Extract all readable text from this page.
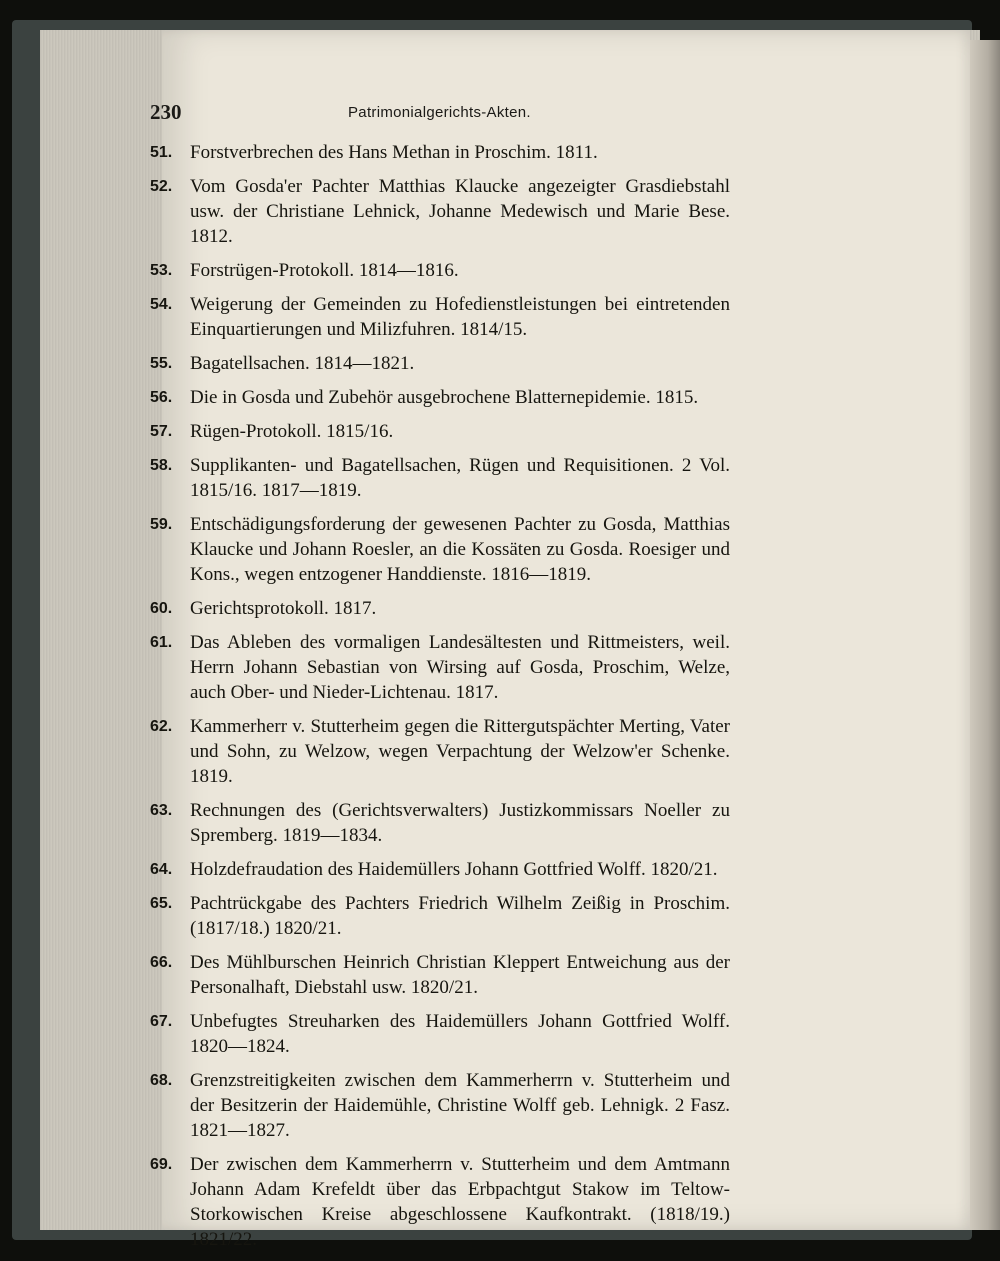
230	Patrimonialgerichts-Akten.
51. Forstverbrechen des Hans Methan in Proschim. 1811.
52. Vom Gosda'er Pachter Matthias Klaucke angezeigter Grasdiebstahl usw. der Christiane Lehnick, Johanne Medewisch und Marie Bese. 1812.
53. Forstrügen-Protokoll. 1814—1816.
54. Weigerung der Gemeinden zu Hofedienstleistungen bei eintretenden Einquartierungen und Milizfuhren. 1814/15.
55. Bagatellsachen. 1814—1821.
56. Die in Gosda und Zubehör ausgebrochene Blatternepidemie. 1815.
57. Rügen-Protokoll. 1815/16.
58. Supplikanten- und Bagatellsachen, Rügen und Requisitionen. 2 Vol. 1815/16. 1817—1819.
59. Entschädigungsforderung der gewesenen Pachter zu Gosda, Matthias Klaucke und Johann Roesler, an die Kossäten zu Gosda. Roesiger und Kons., wegen entzogener Handdienste. 1816—1819.
60. Gerichtsprotokoll. 1817.
61. Das Ableben des vormaligen Landesältesten und Rittmeisters, weil. Herrn Johann Sebastian von Wirsing auf Gosda, Proschim, Welze, auch Ober- und Nieder-Lichtenau. 1817.
62. Kammerherr v. Stutterheim gegen die Rittergutspächter Merting, Vater und Sohn, zu Welzow, wegen Verpachtung der Welzow'er Schenke. 1819.
63. Rechnungen des (Gerichtsverwalters) Justizkommissars Noeller zu Spremberg. 1819—1834.
64. Holzdefraudation des Haidemüllers Johann Gottfried Wolff. 1820/21.
65. Pachtrückgabe des Pachters Friedrich Wilhelm Zeißig in Proschim. (1817/18.) 1820/21.
66. Des Mühlburschen Heinrich Christian Kleppert Entweichung aus der Personalhaft, Diebstahl usw. 1820/21.
67. Unbefugtes Streuharken des Haidemüllers Johann Gottfried Wolff. 1820—1824.
68. Grenzstreitigkeiten zwischen dem Kammerherrn v. Stutterheim und der Besitzerin der Haidemühle, Christine Wolff geb. Lehnigk. 2 Fasz. 1821—1827.
69. Der zwischen dem Kammerherrn v. Stutterheim und dem Amtmann Johann Adam Krefeldt über das Erbpachtgut Stakow im Teltow-Storkowischen Kreise abgeschlossene Kaufkontrakt. (1818/19.) 1821/22.
